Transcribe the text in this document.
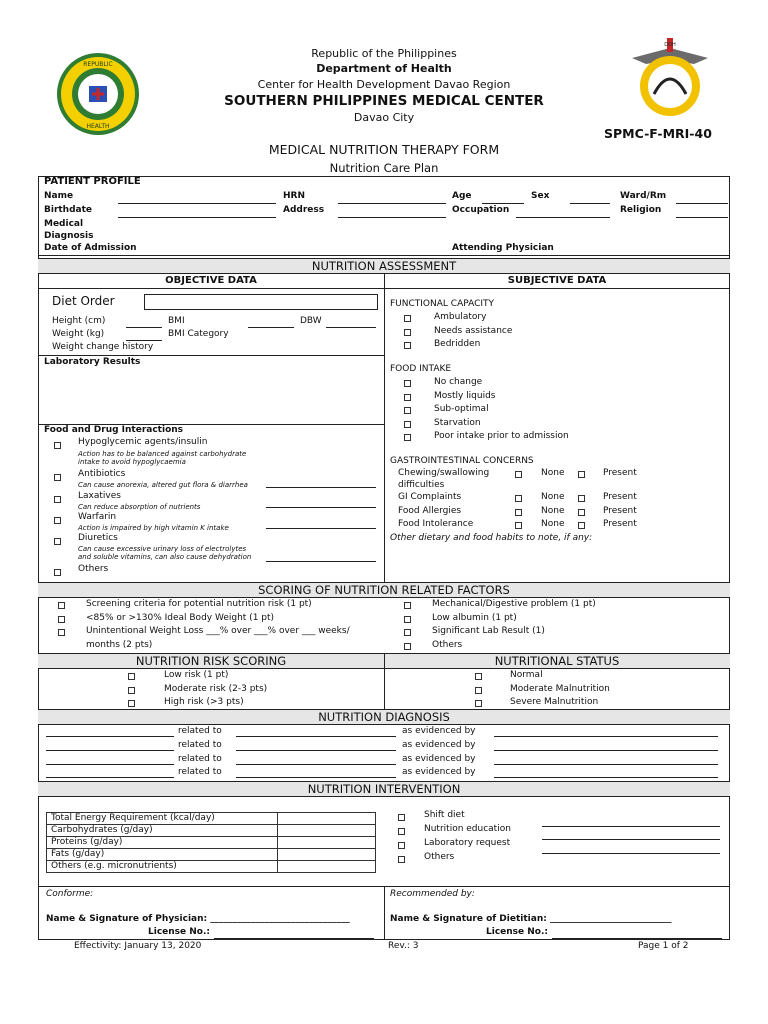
REPUBLIC
HEALTH
Republic of the Philippines
Department of Health
Center for Health Development Davao Region
SOUTHERN PHILIPPINES MEDICAL CENTER
Davao City
DOH
SPMC-F-MRI-40
MEDICAL NUTRITION THERAPY FORM
Nutrition Care Plan
PATIENT PROFILE
Name	HRN	Age	Sex	Ward/Rm
Birthdate	Address	Occupation	Religion
Medical
Diagnosis
Date of Admission	Attending Physician
NUTRITION ASSESSMENT
OBJECTIVE DATA	SUBJECTIVE DATA
Diet Order
Height (cm)	BMI	DBW
Weight (kg)	BMI Category
Weight change history
Laboratory Results
Food and Drug Interactions
Hypoglycemic agents/insulin
Action has to be balanced against carbohydrate
intake to avoid hypoglycaemia
Antibiotics
Can cause anorexia, altered gut flora & diarrhea
Laxatives
Can reduce absorption of nutrients
Warfarin
Action is impaired by high vitamin K intake
Diuretics
Can cause excessive urinary loss of electrolytes
and soluble vitamins, can also cause dehydration
Others
FUNCTIONAL CAPACITY
Ambulatory
Needs assistance
Bedridden
FOOD INTAKE
No change
Mostly liquids
Sub-optimal
Starvation
Poor intake prior to admission
GASTROINTESTINAL CONCERNS
Chewing/swallowing
difficulties
None	Present
GI Complaints	None	Present
Food Allergies	None	Present
Food Intolerance	None	Present
Other dietary and food habits to note, if any:
SCORING OF NUTRITION RELATED FACTORS
Screening criteria for potential nutrition risk (1 pt)
<85% or >130% Ideal Body Weight (1 pt)
Unintentional Weight Loss ___% over ___% over ___ weeks/
months (2 pts)
Mechanical/Digestive problem (1 pt)
Low albumin (1 pt)
Significant Lab Result (1)
Others
NUTRITION RISK SCORING	NUTRITIONAL STATUS
Low risk (1 pt)
Moderate risk (2-3 pts)
High risk (>3 pts)
Normal
Moderate Malnutrition
Severe Malnutrition
NUTRITION DIAGNOSIS
related to	as evidenced by
related to	as evidenced by
related to	as evidenced by
related to	as evidenced by
NUTRITION INTERVENTION
Total Energy Requirement (kcal/day)	
Carbohydrates (g/day)	
Proteins (g/day)	
Fats (g/day)	
Others (e.g. micronutrients)	
Shift diet
Nutrition education
Laboratory request
Others
Conforme:	Recommended by:
Name & Signature of Physician: _______________________________	Name & Signature of Dietitian: ___________________________
License No.:	License No.:
Effectivity: January 13, 2020	Rev.: 3	Page 1 of 2
